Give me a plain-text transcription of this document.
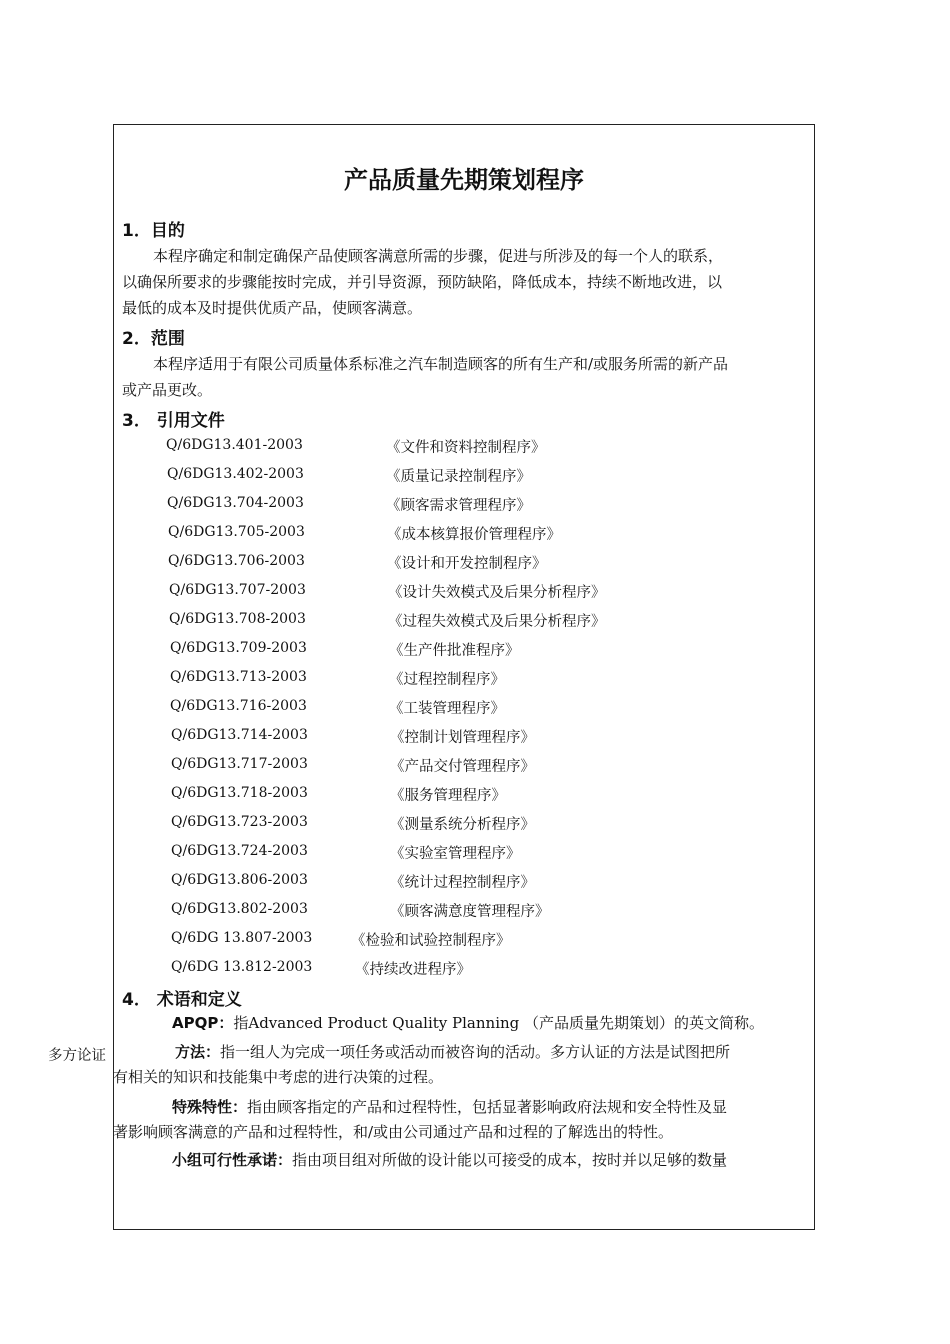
产品质量先期策划程序
1．目的
本程序确定和制定确保产品使顾客满意所需的步骤，促进与所涉及的每一个人的联系，
以确保所要求的步骤能按时完成，并引导资源，预防缺陷，降低成本，持续不断地改进，以
最低的成本及时提供优质产品，使顾客满意。
2．范围
本程序适用于有限公司质量体系标准之汽车制造顾客的所有生产和/或服务所需的新产品
或产品更改。
3． 引用文件
Q/6DG13.401-2003	《文件和资料控制程序》
Q/6DG13.402-2003	《质量记录控制程序》
Q/6DG13.704-2003	《顾客需求管理程序》
Q/6DG13.705-2003	《成本核算报价管理程序》
Q/6DG13.706-2003	《设计和开发控制程序》
Q/6DG13.707-2003	《设计失效模式及后果分析程序》
Q/6DG13.708-2003	《过程失效模式及后果分析程序》
Q/6DG13.709-2003	《生产件批准程序》
Q/6DG13.713-2003	《过程控制程序》
Q/6DG13.716-2003	《工装管理程序》
Q/6DG13.714-2003	《控制计划管理程序》
Q/6DG13.717-2003	《产品交付管理程序》
Q/6DG13.718-2003	《服务管理程序》
Q/6DG13.723-2003	《测量系统分析程序》
Q/6DG13.724-2003	《实验室管理程序》
Q/6DG13.806-2003	《统计过程控制程序》
Q/6DG13.802-2003	《顾客满意度管理程序》
Q/6DG 13.807-2003	《检验和试验控制程序》
Q/6DG 13.812-2003	《持续改进程序》
4． 术语和定义
APQP：指Advanced Product Quality Planning （产品质量先期策划）的英文简称。
多方论证	方法：指一组人为完成一项任务或活动而被咨询的活动。多方认证的方法是试图把所
有相关的知识和技能集中考虑的进行决策的过程。
特殊特性：指由顾客指定的产品和过程特性，包括显著影响政府法规和安全特性及显
著影响顾客满意的产品和过程特性，和/或由公司通过产品和过程的了解选出的特性。
小组可行性承诺：指由项目组对所做的设计能以可接受的成本，按时并以足够的数量
